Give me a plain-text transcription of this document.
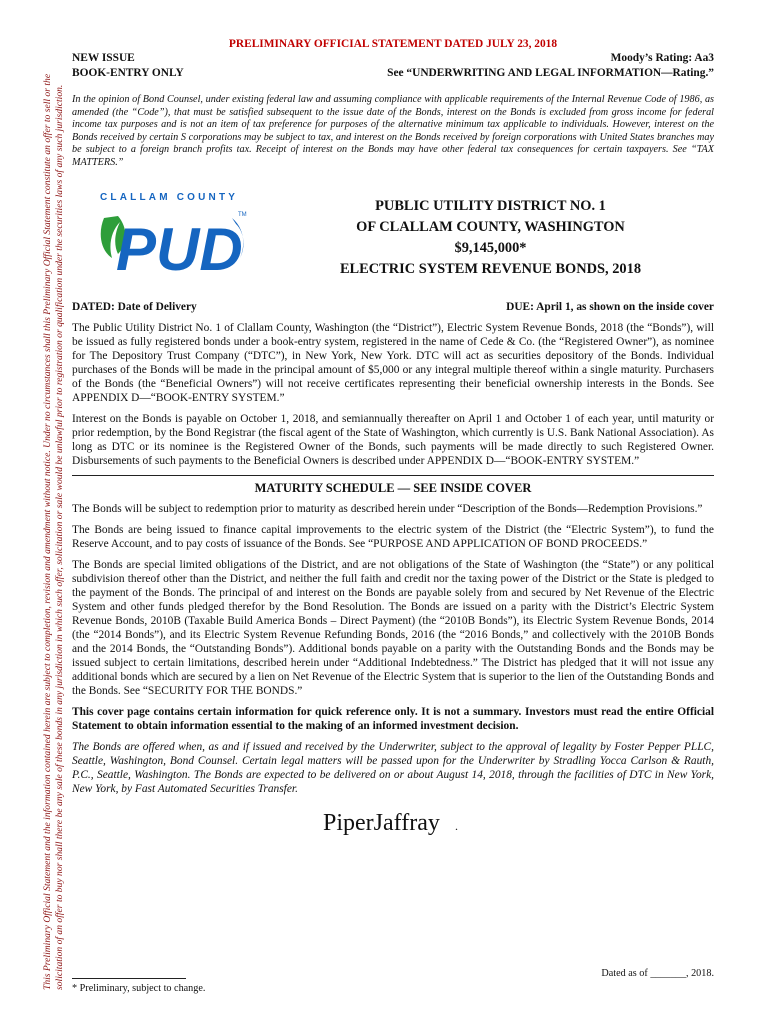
This Preliminary Official Statement and the information contained herein are subject to completion, revision and amendment without notice. Under no circumstances shall this Preliminary Official Statement constitute an offer to sell or the solicitation of an offer to buy nor shall there be any sale of these bonds in any jurisdiction in which such offer, solicitation or sale would be unlawful prior to registration or qualification under the securities laws of any such jurisdiction.
PRELIMINARY OFFICIAL STATEMENT DATED JULY 23, 2018
NEW ISSUE
BOOK-ENTRY ONLY
Moody’s Rating: Aa3
See “UNDERWRITING AND LEGAL INFORMATION—Rating.”
In the opinion of Bond Counsel, under existing federal law and assuming compliance with applicable requirements of the Internal Revenue Code of 1986, as amended (the “Code”), that must be satisfied subsequent to the issue date of the Bonds, interest on the Bonds is excluded from gross income for federal income tax purposes and is not an item of tax preference for purposes of the alternative minimum tax applicable to individuals. However, interest on the Bonds received by certain S corporations may be subject to tax, and interest on the Bonds received by foreign corporations with United States branches may be subject to a foreign branch profits tax. Receipt of interest on the Bonds may have other federal tax consequences for certain taxpayers. See “TAX MATTERS.”
CLALLAM COUNTY
PUD
TM
PUBLIC UTILITY DISTRICT NO. 1
OF CLALLAM COUNTY, WASHINGTON
$9,145,000*
ELECTRIC SYSTEM REVENUE BONDS, 2018
DATED: Date of Delivery	DUE: April 1, as shown on the inside cover

The Public Utility District No. 1 of Clallam County, Washington (the “District”), Electric System Revenue Bonds, 2018 (the “Bonds”), will be issued as fully registered bonds under a book-entry system, registered in the name of Cede & Co. (the “Registered Owner”), as nominee for The Depository Trust Company (“DTC”), in New York, New York. DTC will act as securities depository of the Bonds. Individual purchases of the Bonds will be made in the principal amount of $5,000 or any integral multiple thereof within a single maturity. Purchasers of the Bonds (the “Beneficial Owners”) will not receive certificates representing their beneficial ownership interests in the Bonds. See APPENDIX D—“BOOK-ENTRY SYSTEM.”

Interest on the Bonds is payable on October 1, 2018, and semiannually thereafter on April 1 and October 1 of each year, until maturity or prior redemption, by the Bond Registrar (the fiscal agent of the State of Washington, which currently is U.S. Bank National Association). As long as DTC or its nominee is the Registered Owner of the Bonds, such payments will be made directly to such Registered Owner. Disbursements of such payments to the Beneficial Owners is described under APPENDIX D—“BOOK-ENTRY SYSTEM.”

MATURITY SCHEDULE — SEE INSIDE COVER

The Bonds will be subject to redemption prior to maturity as described herein under “Description of the Bonds—Redemption Provisions.”

The Bonds are being issued to finance capital improvements to the electric system of the District (the “Electric System”), to fund the Reserve Account, and to pay costs of issuance of the Bonds. See “PURPOSE AND APPLICATION OF BOND PROCEEDS.”

The Bonds are special limited obligations of the District, and are not obligations of the State of Washington (the “State”) or any political subdivision thereof other than the District, and neither the full faith and credit nor the taxing power of the District or the State is pledged to the payment of the Bonds. The principal of and interest on the Bonds are payable solely from and secured by Net Revenue of the Electric System and other funds pledged therefor by the Bond Resolution. The Bonds are issued on a parity with the District’s Electric System Revenue Bonds, 2010B (Taxable Build America Bonds – Direct Payment) (the “2010B Bonds”), its Electric System Revenue Bonds, 2014 (the “2014 Bonds”), and its Electric System Revenue Refunding Bonds, 2016 (the “2016 Bonds,” and collectively with the 2010B Bonds and the 2014 Bonds, the “Outstanding Bonds”). Additional bonds payable on a parity with the Outstanding Bonds and the Bonds may be issued subject to certain limitations, described herein under “Additional Indebtedness.” The District has pledged that it will not issue any additional bonds which are secured by a lien on Net Revenue of the Electric System that is superior to the lien of the Outstanding Bonds and the Bonds. See “SECURITY FOR THE BONDS.”

This cover page contains certain information for quick reference only. It is not a summary. Investors must read the entire Official Statement to obtain information essential to the making of an informed investment decision.

The Bonds are offered when, as and if issued and received by the Underwriter, subject to the approval of legality by Foster Pepper PLLC, Seattle, Washington, Bond Counsel. Certain legal matters will be passed upon for the Underwriter by Stradling Yocca Carlson & Rauth, P.C., Seattle, Washington. The Bonds are expected to be delivered on or about August 14, 2018, through the facilities of DTC in New York, New York, by Fast Automated Securities Transfer.

PiperJaffray .
Dated as of _______, 2018.
* Preliminary, subject to change.
